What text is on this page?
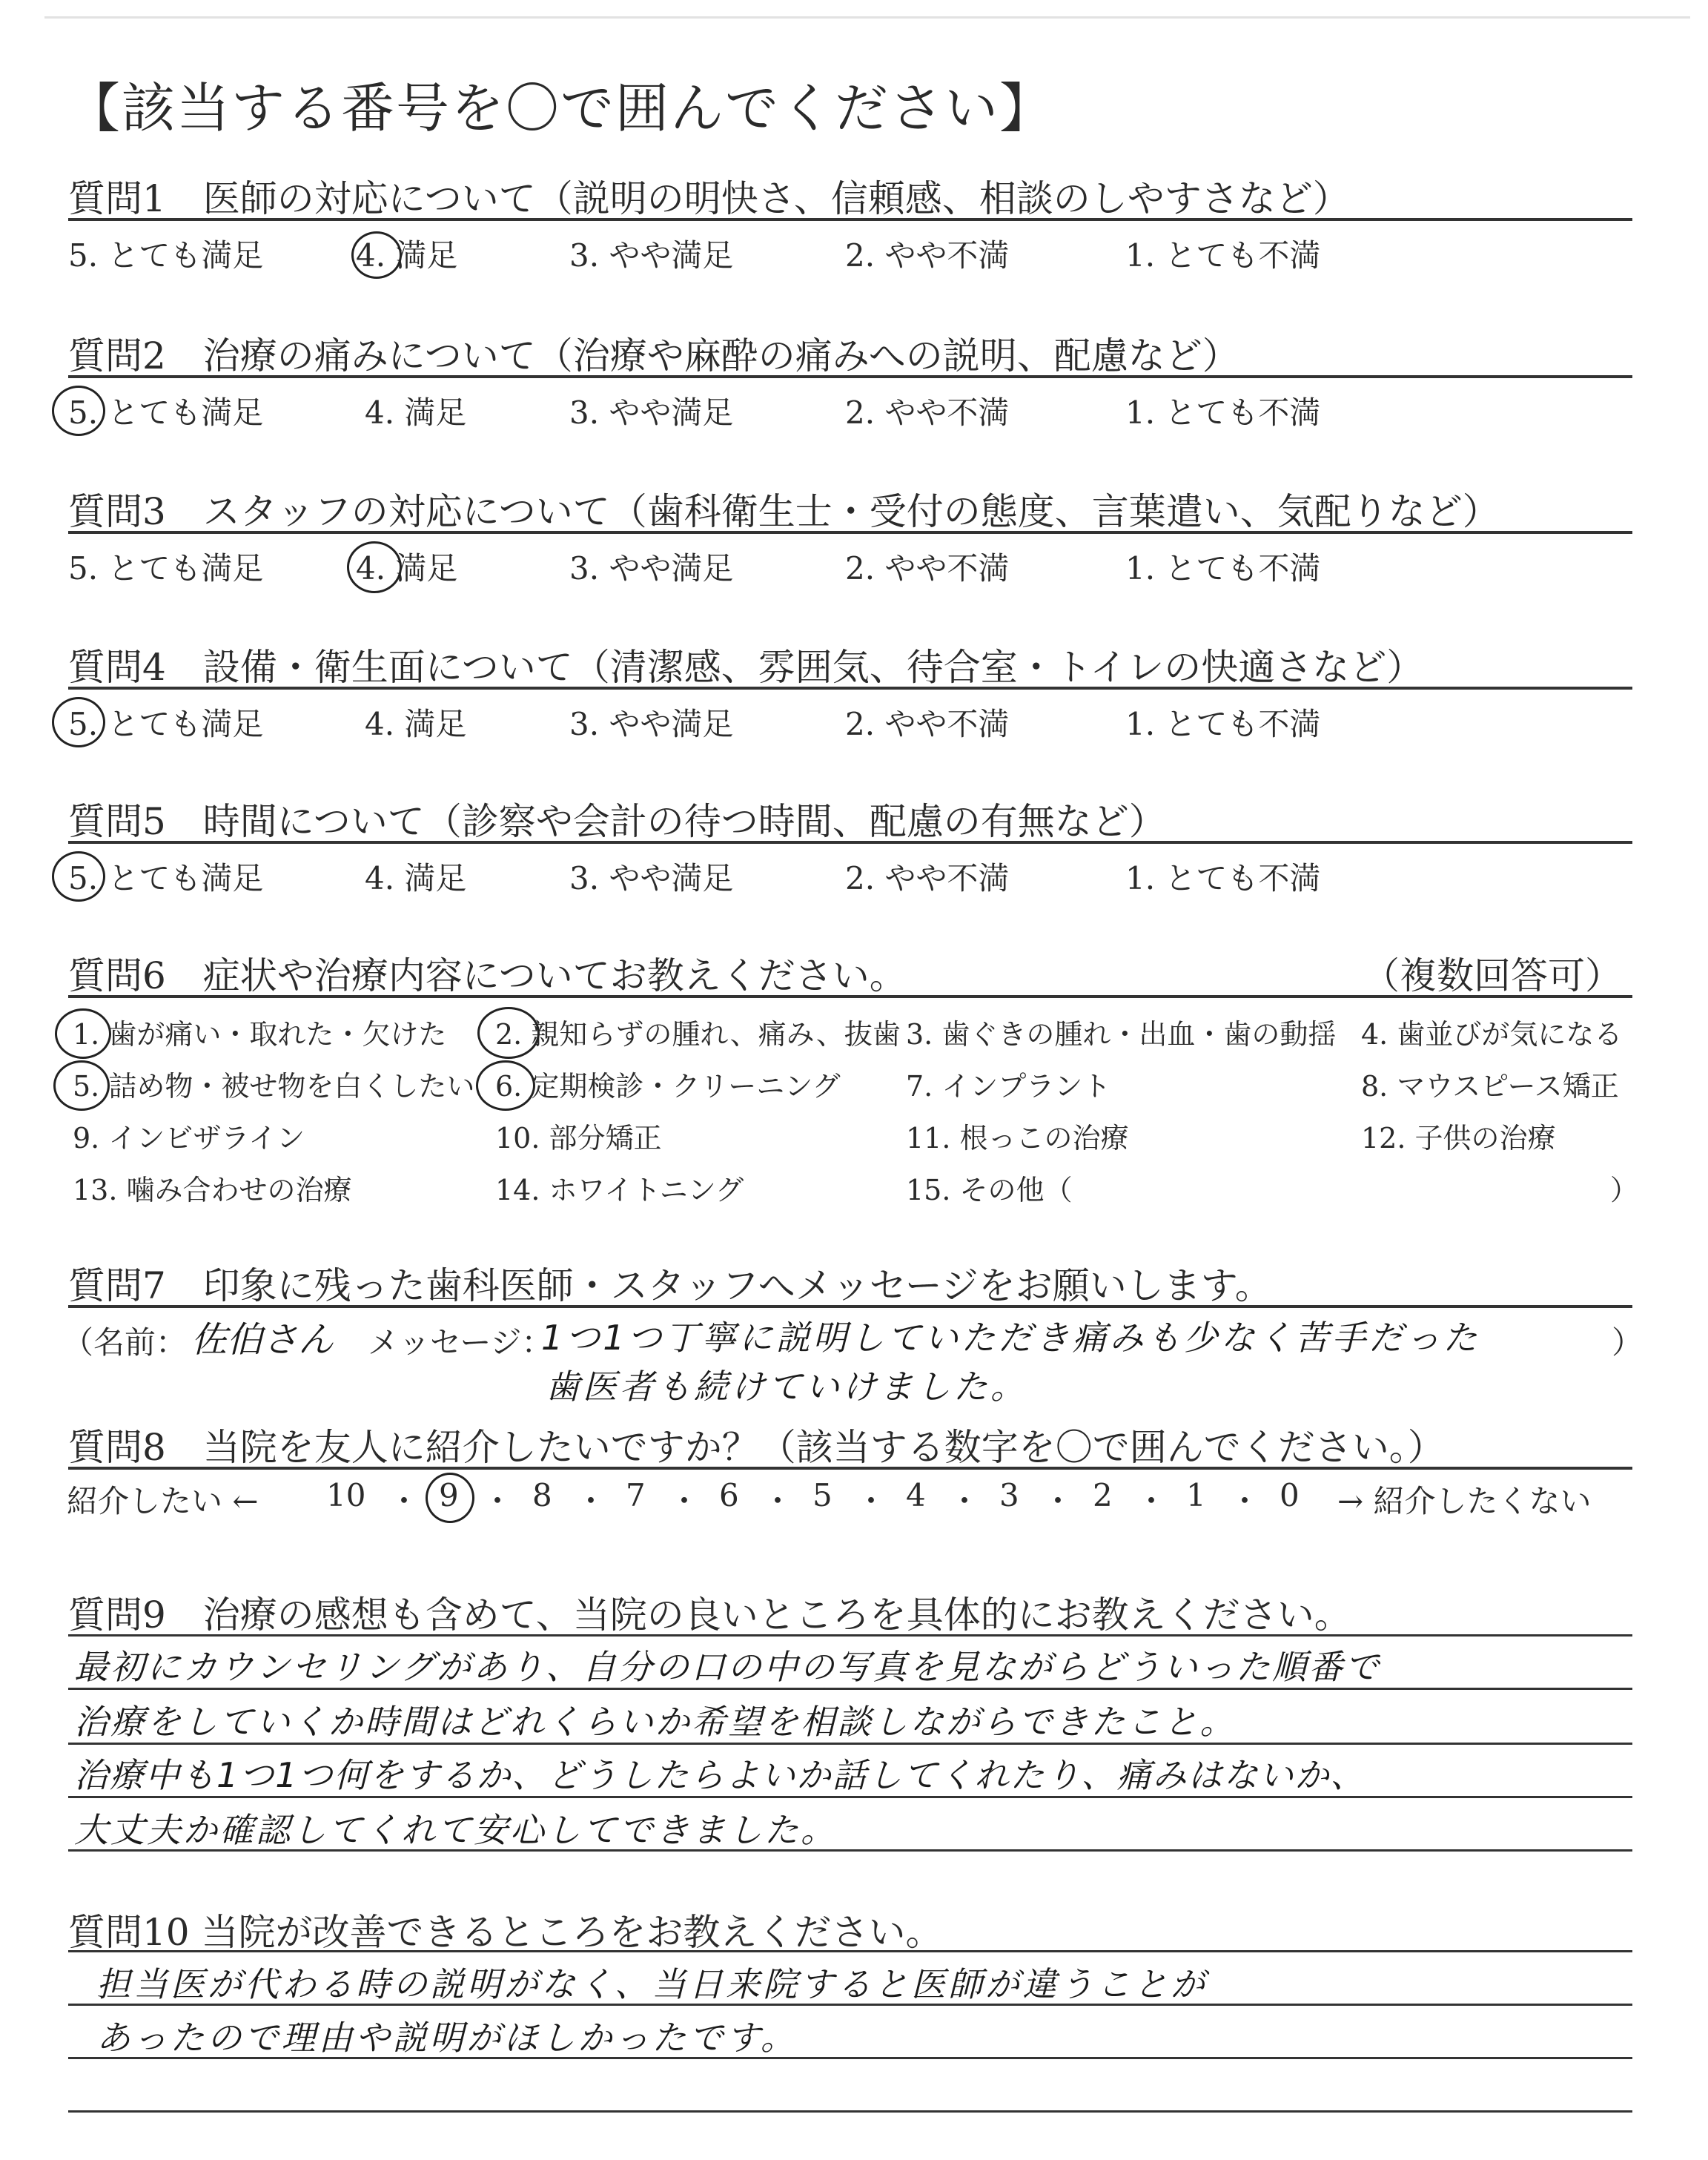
【該当する番号を〇で囲んでください】
質問1　医師の対応について（説明の明快さ、信頼感、相談のしやすさなど）
5. とても満足	4. 満足	3. やや満足	2. やや不満	1. とても不満
質問2　治療の痛みについて（治療や麻酔の痛みへの説明、配慮など）
5. とても満足	4. 満足	3. やや満足	2. やや不満	1. とても不満
質問3　スタッフの対応について（歯科衛生士・受付の態度、言葉遣い、気配りなど）
5. とても満足	4. 満足	3. やや満足	2. やや不満	1. とても不満
質問4　設備・衛生面について（清潔感、雰囲気、待合室・トイレの快適さなど）
5. とても満足	4. 満足	3. やや満足	2. やや不満	1. とても不満
質問5　時間について（診察や会計の待つ時間、配慮の有無など）
5. とても満足	4. 満足	3. やや満足	2. やや不満	1. とても不満
質問6　症状や治療内容についてお教えください。	（複数回答可）
1. 歯が痛い・取れた・欠けた 2. 親知らずの腫れ、痛み、抜歯 3. 歯ぐきの腫れ・出血・歯の動揺 4. 歯並びが気になる
5. 詰め物・被せ物を白くしたい 6. 定期検診・クリーニング 7. インプラント	8. マウスピース矯正
9. インビザライン	10. 部分矯正	11. 根っこの治療	12. 子供の治療
13. 噛み合わせの治療	14. ホワイトニング	15. その他（	）
質問7　印象に残った歯科医師・スタッフへメッセージをお願いします。
（名前： 佐伯さん メッセージ：
1つ1つ丁寧に説明していただき痛みも少なく苦手だった	）
歯医者も続けていけました。
質問8　当院を友人に紹介したいですか？（該当する数字を〇で囲んでください。）
紹介したい ← 10 ・ 9 ・ 8 ・ 7 ・ 6 ・ 5 ・ 4 ・ 3 ・ 2 ・ 1 ・ 0 → 紹介したくない
質問9　治療の感想も含めて、当院の良いところを具体的にお教えください。
最初にカウンセリングがあり、自分の口の中の写真を見ながらどういった順番で
治療をしていくか時間はどれくらいか希望を相談しながらできたこと。
治療中も1つ1つ何をするか、どうしたらよいか話してくれたり、痛みはないか、
大丈夫か確認してくれて安心してできました。
質問10 当院が改善できるところをお教えください。
担当医が代わる時の説明がなく、当日来院すると医師が違うことが
あったので理由や説明がほしかったです。
